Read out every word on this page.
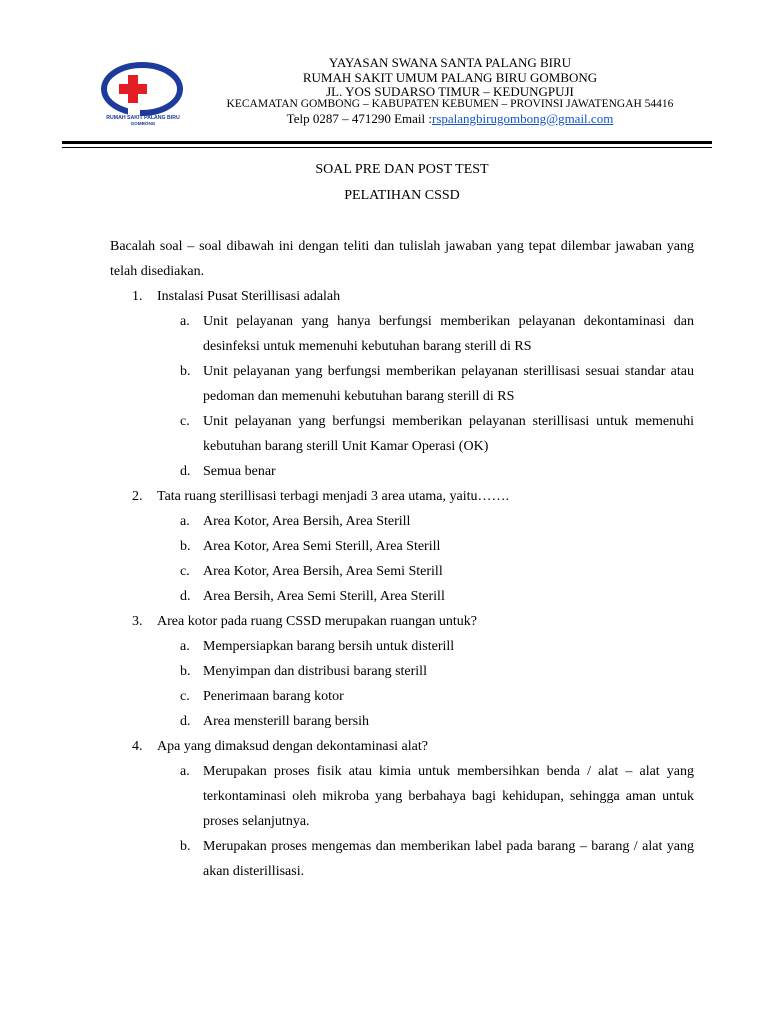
RUMAH SAKIT PALANG BIRU
GOMBONG
YAYASAN SWANA SANTA PALANG BIRU
RUMAH SAKIT UMUM PALANG BIRU GOMBONG
JL. YOS SUDARSO TIMUR – KEDUNGPUJI
KECAMATAN GOMBONG – KABUPATEN KEBUMEN – PROVINSI JAWATENGAH 54416
Telp 0287 – 471290 Email :rspalangbirugombong@gmail.com
SOAL PRE DAN POST TEST
PELATIHAN CSSD
Bacalah soal – soal dibawah ini dengan teliti dan tulislah jawaban yang tepat dilembar jawaban yang telah disediakan.
1.	Instalasi Pusat Sterillisasi adalah
a. Unit pelayanan yang hanya berfungsi memberikan pelayanan dekontaminasi dan desinfeksi untuk memenuhi kebutuhan barang sterill di RS
b. Unit pelayanan yang berfungsi memberikan pelayanan sterillisasi sesuai standar atau pedoman dan memenuhi kebutuhan barang sterill di RS
c. Unit pelayanan yang berfungsi memberikan pelayanan sterillisasi untuk memenuhi kebutuhan barang sterill Unit Kamar Operasi (OK)
d. Semua benar
2.	Tata ruang sterillisasi terbagi menjadi 3 area utama, yaitu…….
a. Area Kotor, Area Bersih, Area Sterill
b. Area Kotor, Area Semi Sterill, Area Sterill
c. Area Kotor, Area Bersih, Area Semi Sterill
d. Area Bersih, Area Semi Sterill, Area Sterill
3.	Area kotor pada ruang CSSD merupakan ruangan untuk?
a. Mempersiapkan barang bersih untuk disterill
b. Menyimpan dan distribusi barang sterill
c. Penerimaan barang kotor
d. Area mensterill barang bersih
4.	Apa yang dimaksud dengan dekontaminasi alat?
a. Merupakan proses fisik atau kimia untuk membersihkan benda / alat – alat yang terkontaminasi oleh mikroba yang berbahaya bagi kehidupan, sehingga aman untuk proses selanjutnya.
b. Merupakan proses mengemas dan memberikan label pada barang – barang / alat yang akan disterillisasi.
